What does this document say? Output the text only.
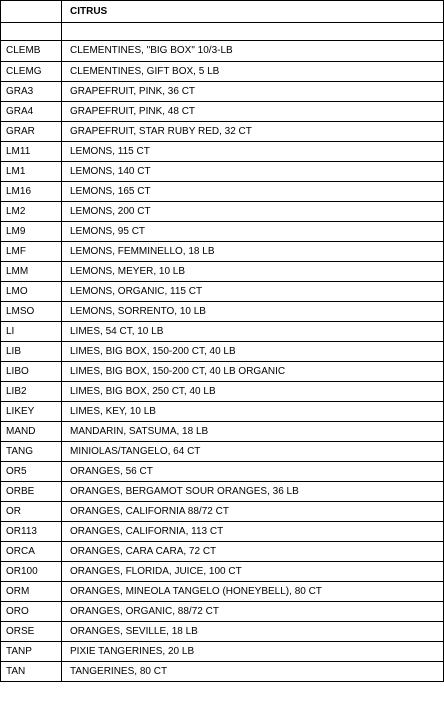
	CITRUS

CLEMB	CLEMENTINES, "BIG BOX" 10/3-LB
CLEMG	CLEMENTINES, GIFT BOX, 5 LB
GRA3	GRAPEFRUIT, PINK, 36 CT
GRA4	GRAPEFRUIT, PINK, 48 CT
GRAR	GRAPEFRUIT, STAR RUBY RED, 32 CT
LM11	LEMONS, 115 CT
LM1	LEMONS, 140 CT
LM16	LEMONS, 165 CT
LM2	LEMONS, 200 CT
LM9	LEMONS, 95 CT
LMF	LEMONS, FEMMINELLO, 18 LB
LMM	LEMONS, MEYER, 10 LB
LMO	LEMONS, ORGANIC, 115 CT
LMSO	LEMONS, SORRENTO, 10 LB
LI	LIMES, 54 CT, 10 LB
LIB	LIMES, BIG BOX, 150-200 CT, 40 LB
LIBO	LIMES, BIG BOX, 150-200 CT, 40 LB ORGANIC
LIB2	LIMES, BIG BOX, 250 CT, 40 LB
LIKEY	LIMES, KEY, 10 LB
MAND	MANDARIN, SATSUMA, 18 LB
TANG	MINIOLAS/TANGELO, 64 CT
OR5	ORANGES, 56 CT
ORBE	ORANGES, BERGAMOT SOUR ORANGES, 36 LB
OR	ORANGES, CALIFORNIA 88/72 CT
OR113	ORANGES, CALIFORNIA, 113 CT
ORCA	ORANGES, CARA CARA, 72 CT
OR100	ORANGES, FLORIDA, JUICE, 100 CT
ORM	ORANGES, MINEOLA TANGELO (HONEYBELL), 80 CT
ORO	ORANGES, ORGANIC, 88/72 CT
ORSE	ORANGES, SEVILLE, 18 LB
TANP	PIXIE TANGERINES, 20 LB
TAN	TANGERINES, 80 CT
